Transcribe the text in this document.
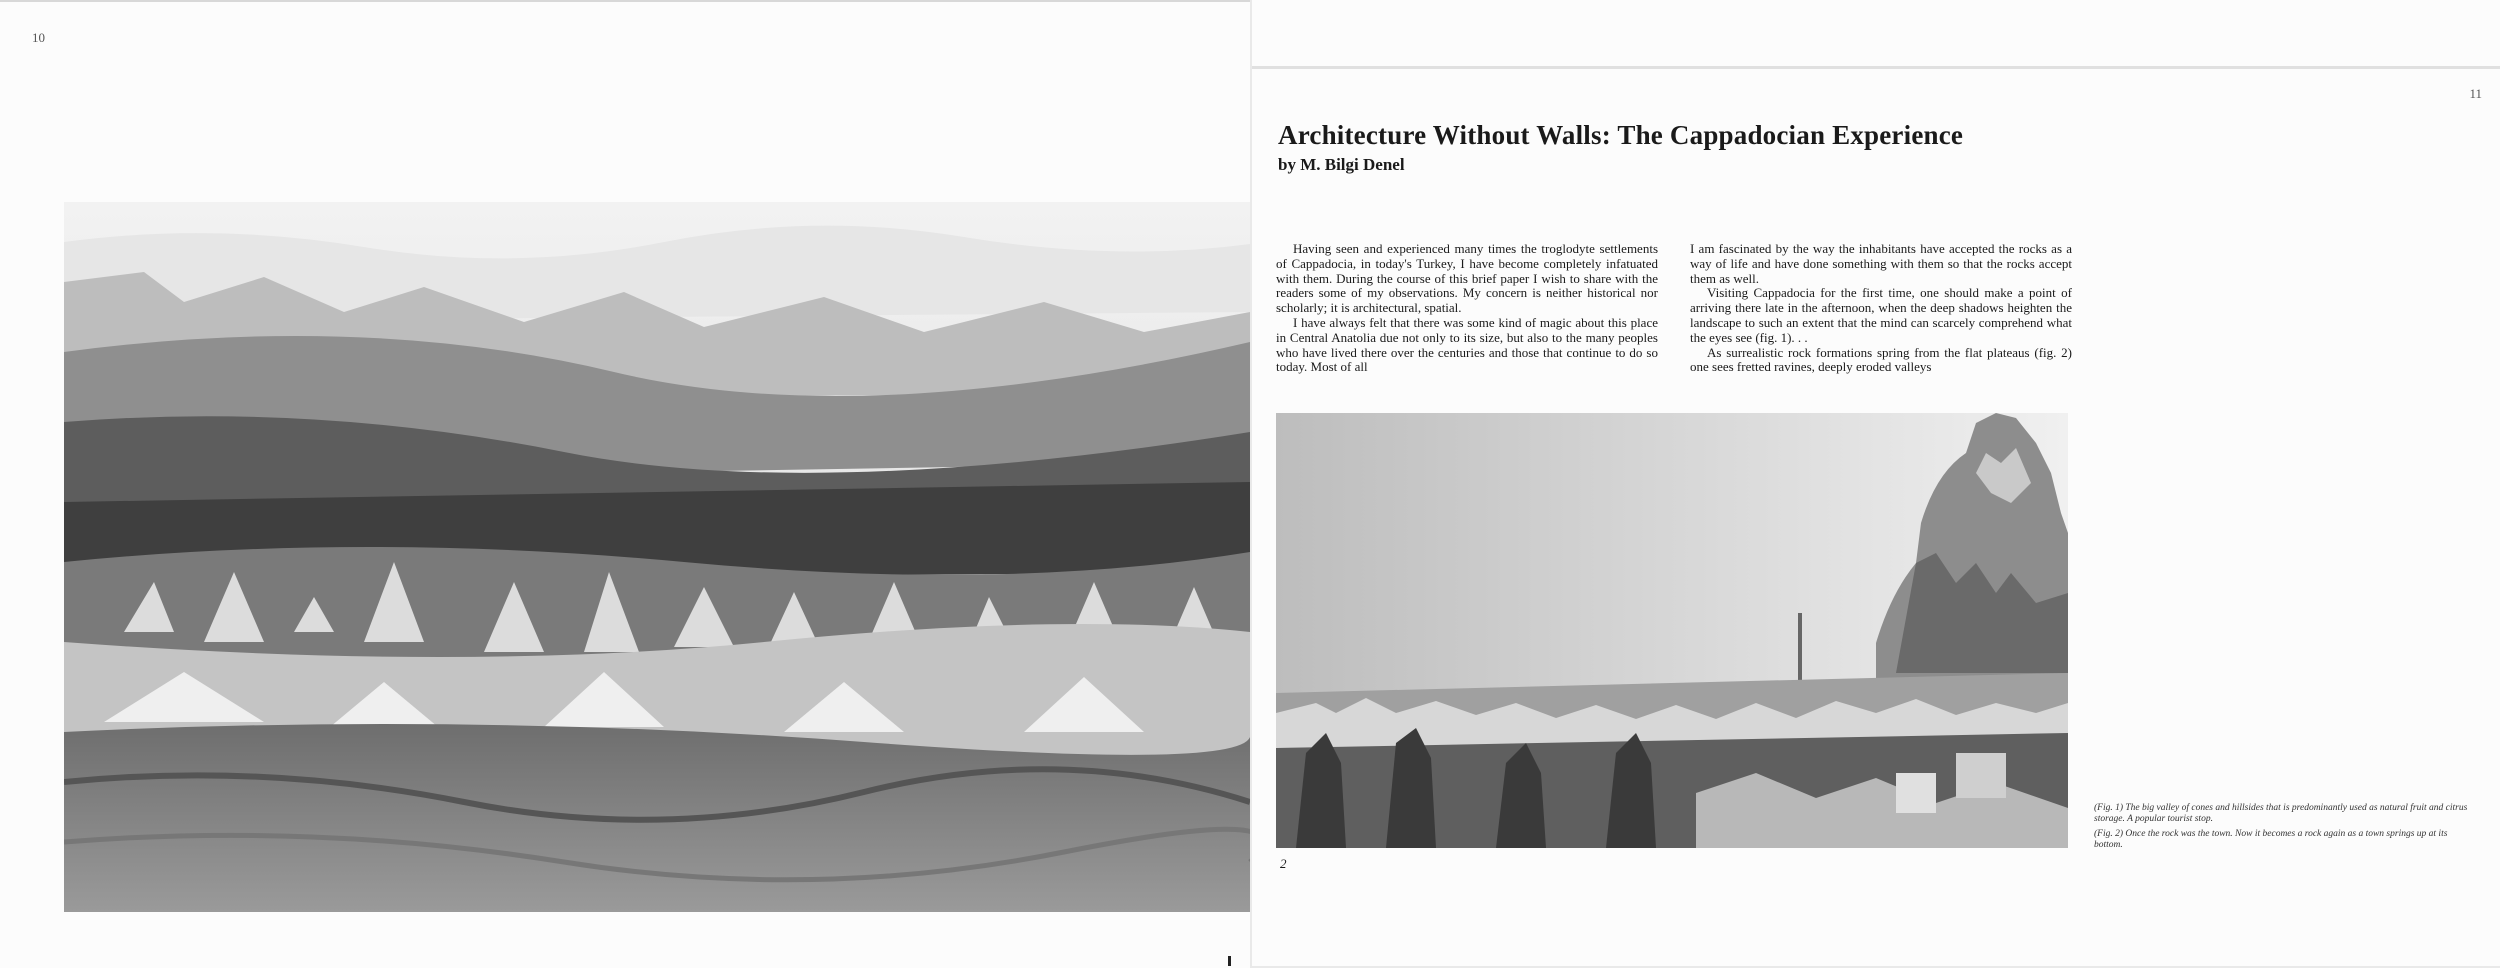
10
11
Architecture Without Walls: The Cappadocian Experience
by M. Bilgi Denel

Having seen and experienced many times the troglodyte settlements of Cappadocia, in today's Turkey, I have become completely infatuated with them. During the course of this brief paper I wish to share with the readers some of my observations. My concern is neither historical nor scholarly; it is architectural, spatial.

I have always felt that there was some kind of magic about this place in Central Anatolia due not only to its size, but also to the many peoples who have lived there over the centuries and those that continue to do so today. Most of all

I am fascinated by the way the inhabitants have accepted the rocks as a way of life and have done something with them so that the rocks accept them as well.

Visiting Cappadocia for the first time, one should make a point of arriving there late in the afternoon, when the deep shadows heighten the landscape to such an extent that the mind can scarcely comprehend what the eyes see (fig. 1). . .

As surrealistic rock formations spring from the flat plateaus (fig. 2) one sees fretted ravines, deeply eroded valleys

2

(Fig. 1) The big valley of cones and hillsides that is predominantly used as natural fruit and citrus storage. A popular tourist stop.

(Fig. 2) Once the rock was the town. Now it becomes a rock again as a town springs up at its bottom.
